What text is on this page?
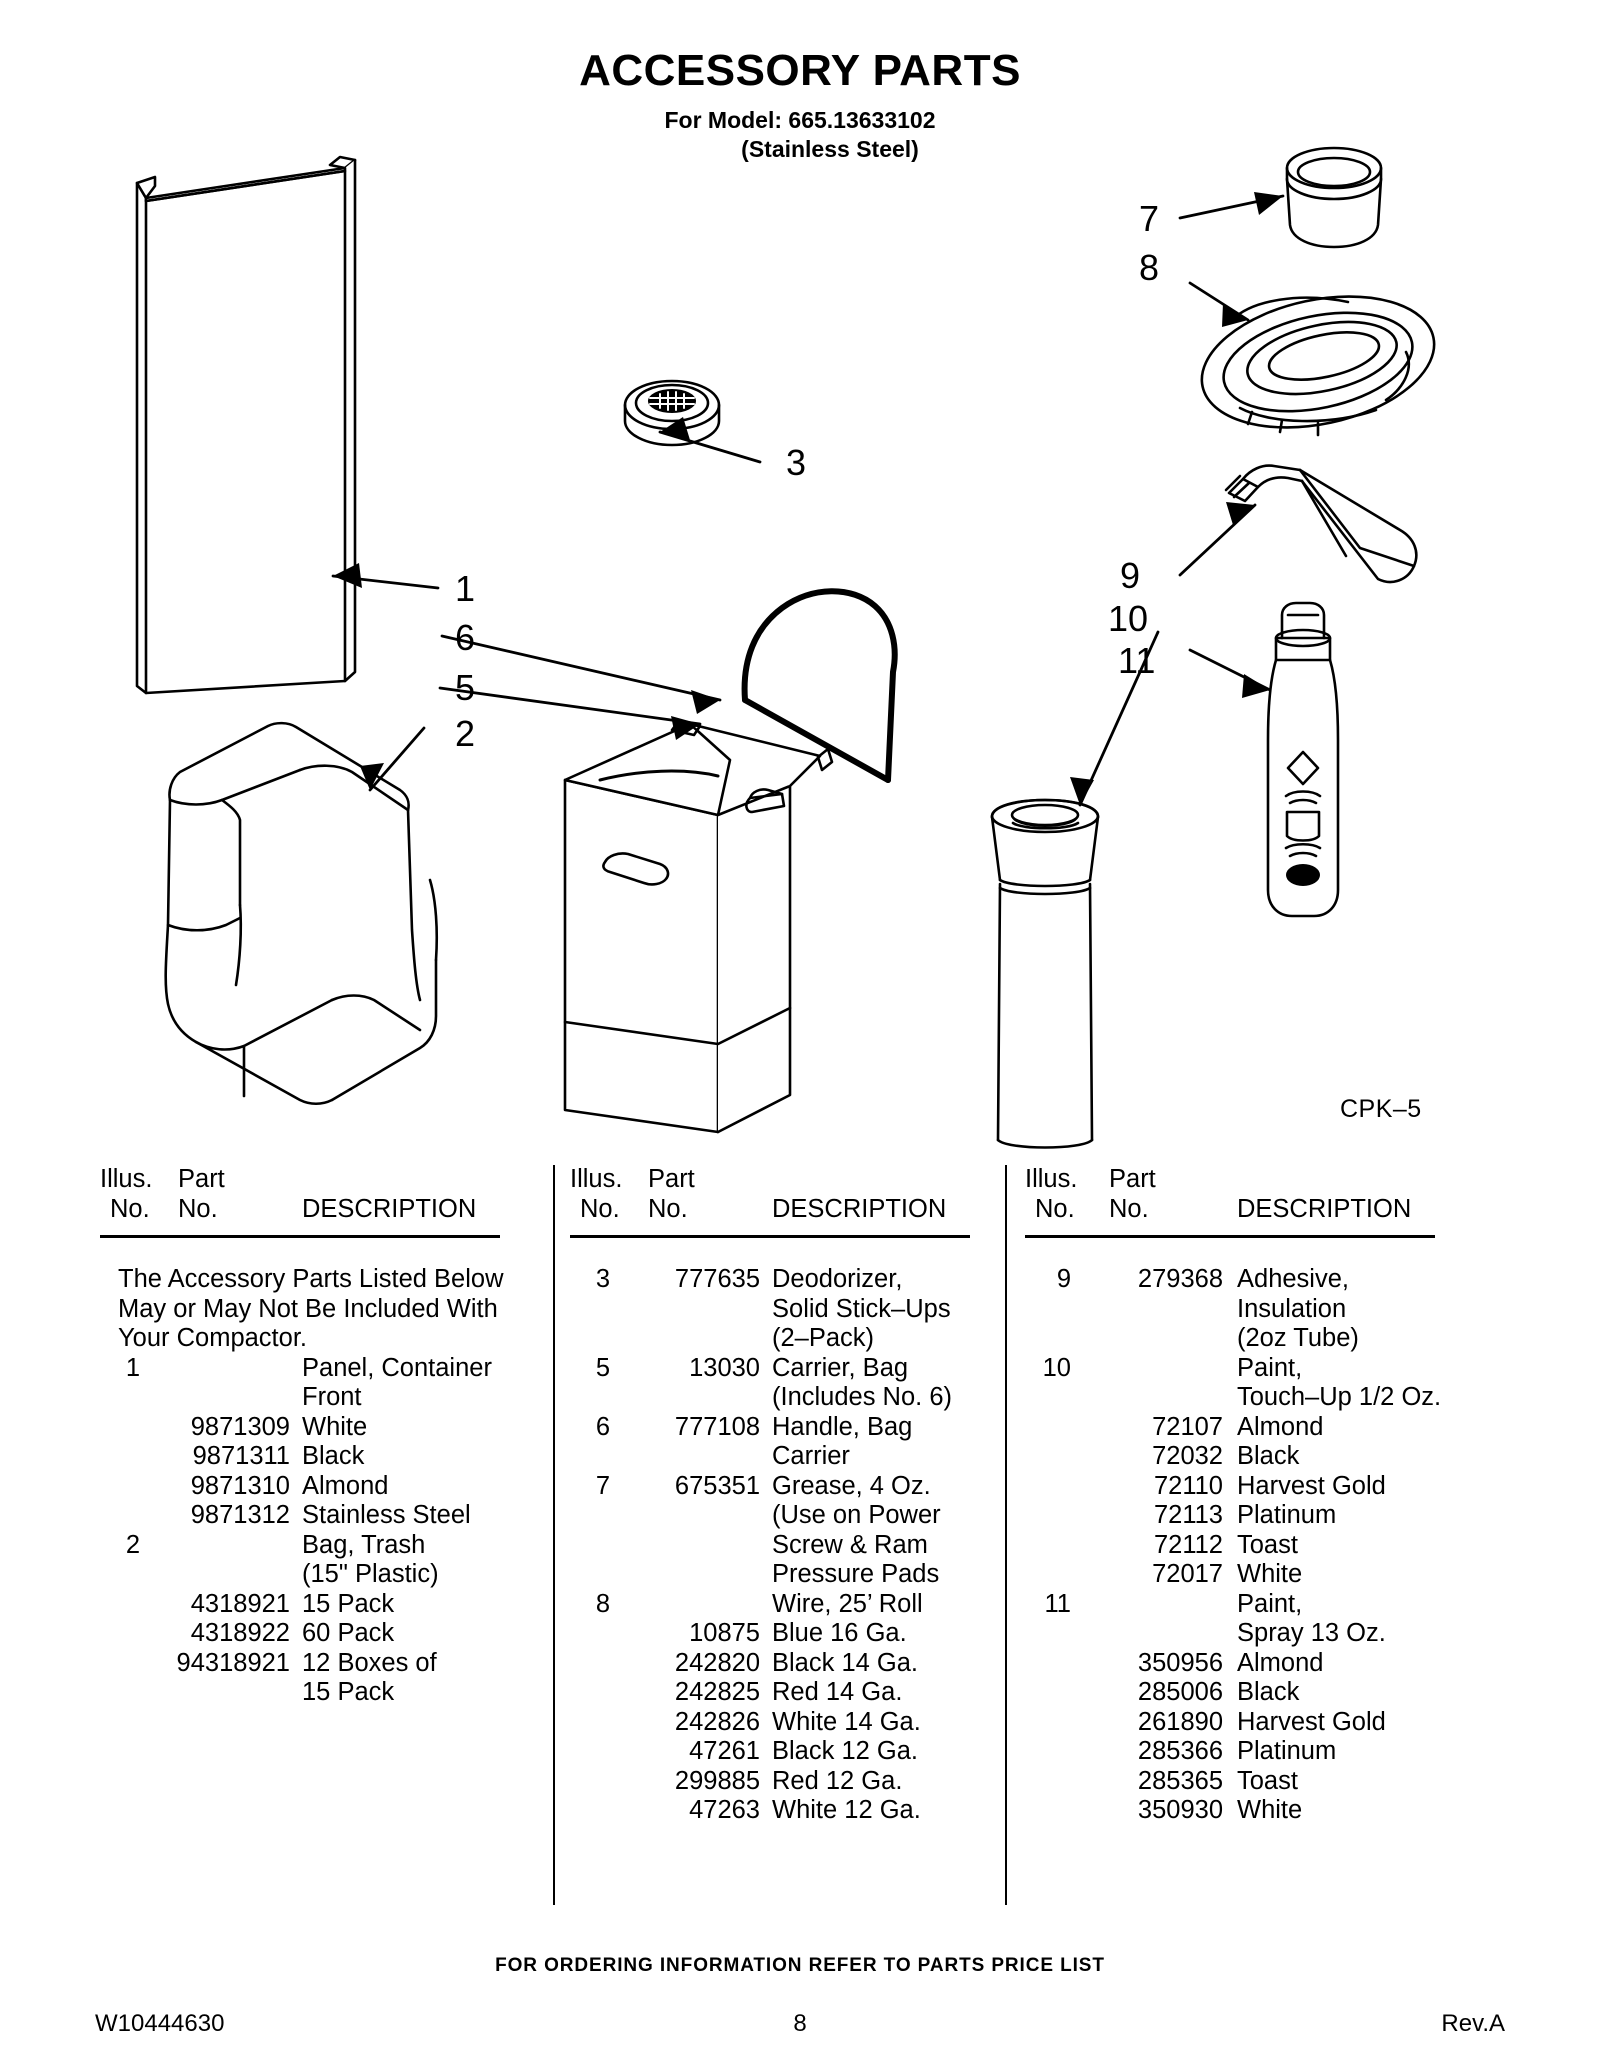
ACCESSORY PARTS
For Model: 665.13633102
(Stainless Steel)
1
6
5
2
3
7
8
9
10
11
CPK–5
Illus. Part
No. No.	DESCRIPTION
The Accessory Parts Listed Below
May or May Not Be Included With
Your Compactor.
1	Panel, Container
Front
9871309 White
9871311 Black
9871310 Almond
9871312 Stainless Steel
2	Bag, Trash
(15" Plastic)
4318921 15 Pack
4318922 60 Pack
94318921 12 Boxes of
15 Pack
Illus. Part
No. No.	DESCRIPTION
3	777635 Deodorizer,
Solid Stick–Ups
(2–Pack)
5	13030 Carrier, Bag
(Includes No. 6)
6	777108 Handle, Bag
Carrier
7	675351 Grease, 4 Oz.
(Use on Power
Screw & Ram
Pressure Pads
8	Wire, 25’ Roll
10875 Blue 16 Ga.
242820 Black 14 Ga.
242825 Red 14 Ga.
242826 White 14 Ga.
47261 Black 12 Ga.
299885 Red 12 Ga.
47263 White 12 Ga.
Illus. Part
No. No.	DESCRIPTION
9	279368 Adhesive,
Insulation
(2oz Tube)
10	Paint,
Touch–Up 1/2 Oz.
72107 Almond
72032 Black
72110 Harvest Gold
72113 Platinum
72112 Toast
72017 White
11	Paint,
Spray 13 Oz.
350956 Almond
285006 Black
261890 Harvest Gold
285366 Platinum
285365 Toast
350930 White
FOR ORDERING INFORMATION REFER TO PARTS PRICE LIST
W10444630	8	Rev.A
